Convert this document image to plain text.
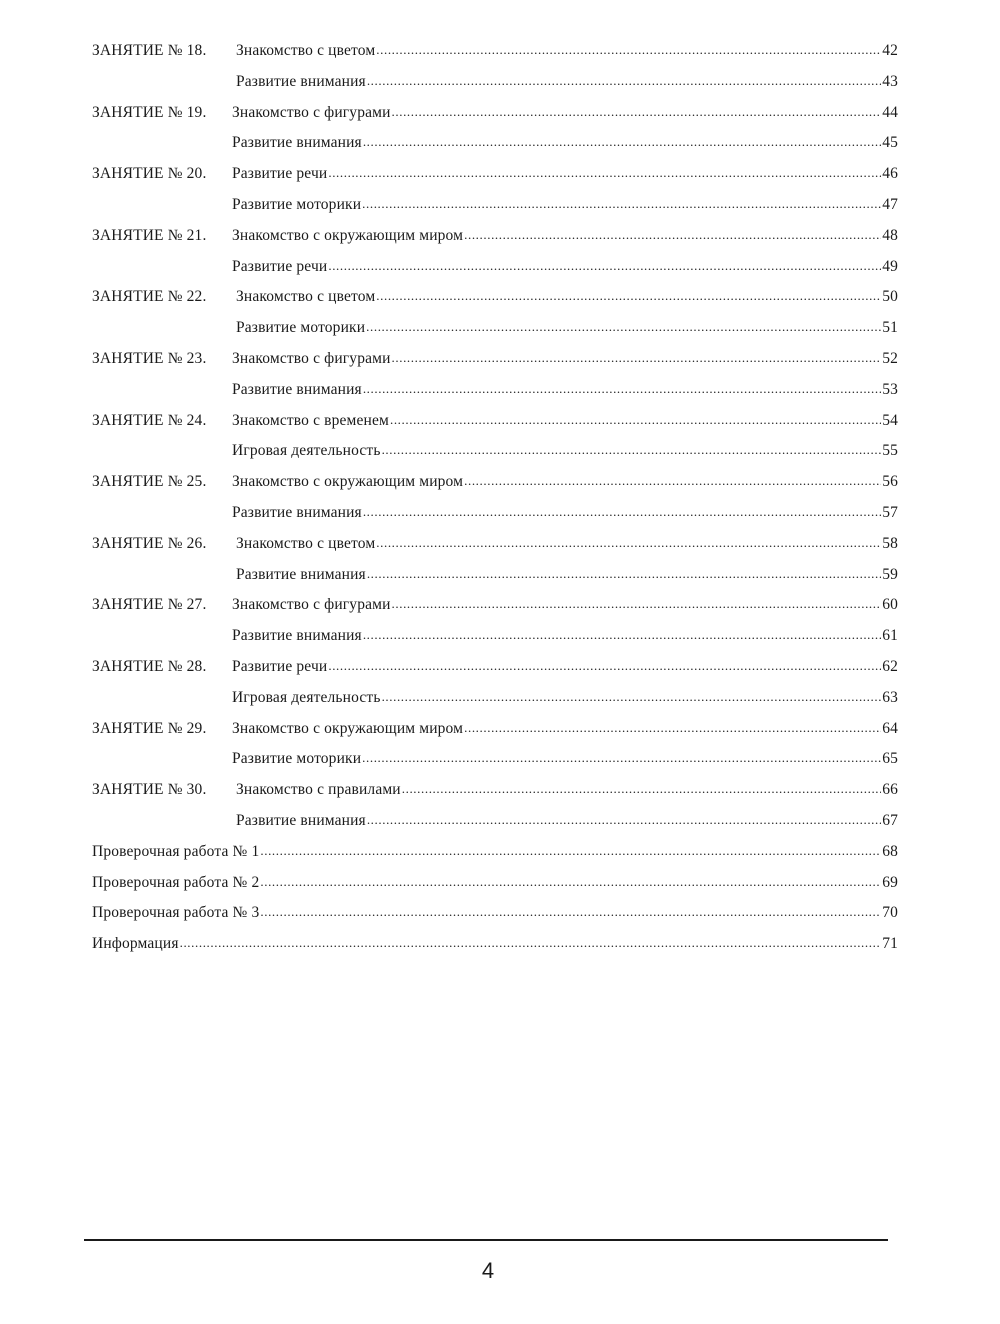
ЗАНЯТИЕ № 18.	Знакомство с цветом .....	42
Развитие внимания .....	43
ЗАНЯТИЕ № 19.	Знакомство с фигурами .....	44
Развитие внимания .....	45
ЗАНЯТИЕ № 20.	Развитие речи .....	46
Развитие моторики .....	47
ЗАНЯТИЕ № 21.	Знакомство с окружающим миром .....	48
Развитие речи .....	49
ЗАНЯТИЕ № 22.	Знакомство с цветом .....	50
Развитие моторики .....	51
ЗАНЯТИЕ № 23.	Знакомство с фигурами .....	52
Развитие внимания .....	53
ЗАНЯТИЕ № 24.	Знакомство с временем .....	54
Игровая деятельность .....	55
ЗАНЯТИЕ № 25.	Знакомство с окружающим миром .....	56
Развитие внимания .....	57
ЗАНЯТИЕ № 26.	Знакомство с цветом .....	58
Развитие внимания .....	59
ЗАНЯТИЕ № 27.	Знакомство с фигурами .....	60
Развитие внимания .....	61
ЗАНЯТИЕ № 28.	Развитие речи .....	62
Игровая деятельность .....	63
ЗАНЯТИЕ № 29.	Знакомство с окружающим миром .....	64
Развитие моторики .....	65
ЗАНЯТИЕ № 30.	Знакомство с правилами .....	66
Развитие внимания .....	67
Проверочная работа № 1 .....	68
Проверочная работа № 2 .....	69
Проверочная работа № 3 .....	70
Информация .....	71
4
